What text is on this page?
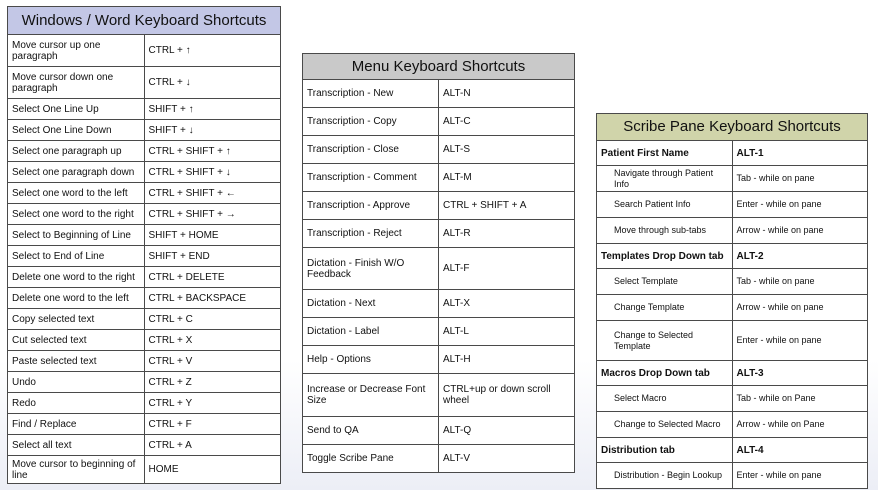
Windows / Word Keyboard Shortcuts	
Move cursor up one paragraph	CTRL + ↑
Move cursor down one paragraph	CTRL + ↓
Select One Line Up	SHIFT + ↑
Select One Line Down	SHIFT + ↓
Select one paragraph up	CTRL + SHIFT + ↑
Select one paragraph down	CTRL + SHIFT + ↓
Select one word to the left	CTRL + SHIFT + ←
Select one word to the right	CTRL + SHIFT + →
Select to Beginning of Line	SHIFT + HOME
Select to End of Line	SHIFT + END
Delete one word to the right	CTRL + DELETE
Delete one word to the left	CTRL + BACKSPACE
Copy selected text	CTRL + C
Cut selected text	CTRL + X
Paste selected text	CTRL + V
Undo	CTRL + Z
Redo	CTRL + Y
Find / Replace	CTRL + F
Select all text	CTRL + A
Move cursor to beginning of line	HOME
Menu Keyboard Shortcuts	
Transcription - New	ALT-N
Transcription - Copy	ALT-C
Transcription - Close	ALT-S
Transcription - Comment	ALT-M
Transcription - Approve	CTRL + SHIFT + A
Transcription - Reject	ALT-R
Dictation - Finish W/O Feedback	ALT-F
Dictation - Next	ALT-X
Dictation - Label	ALT-L
Help - Options	ALT-H
Increase or Decrease Font Size	CTRL+up or down scroll wheel
Send to QA	ALT-Q
Toggle Scribe Pane	ALT-V
Scribe Pane Keyboard Shortcuts	
Patient First Name	ALT-1
Navigate through Patient Info	Tab - while on pane
Search Patient Info	Enter - while on pane
Move through sub-tabs	Arrow - while on pane
Templates Drop Down tab	ALT-2
Select Template	Tab - while on pane
Change Template	Arrow - while on pane
Change to Selected Template	Enter - while on pane
Macros Drop Down tab	ALT-3
Select Macro	Tab - while on Pane
Change to Selected Macro	Arrow - while on Pane
Distribution tab	ALT-4
Distribution - Begin Lookup	Enter - while on pane
